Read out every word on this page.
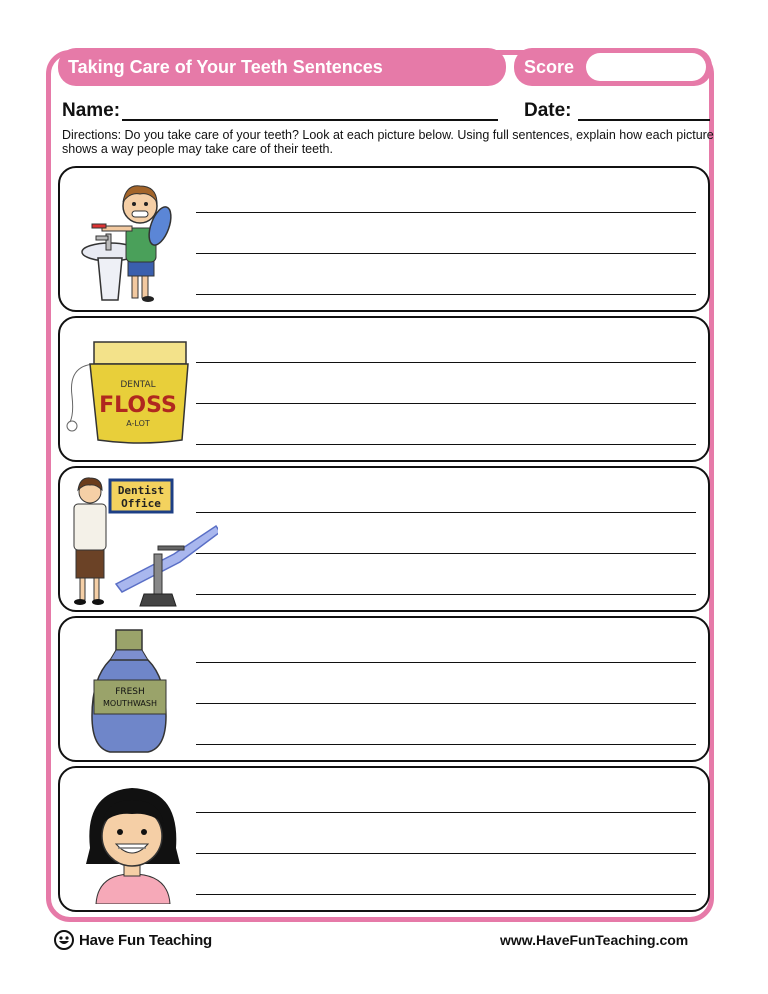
Taking Care of Your Teeth Sentences	Score
Name:	Date:
Directions: Do you take care of your teeth? Look at each picture below. Using full sentences, explain how each picture shows a way people may take care of their teeth.
DENTAL
FLOSS
A-LOT
Dentist
Office
FRESH
MOUTHWASH
Have Fun Teaching	www.HaveFunTeaching.com
